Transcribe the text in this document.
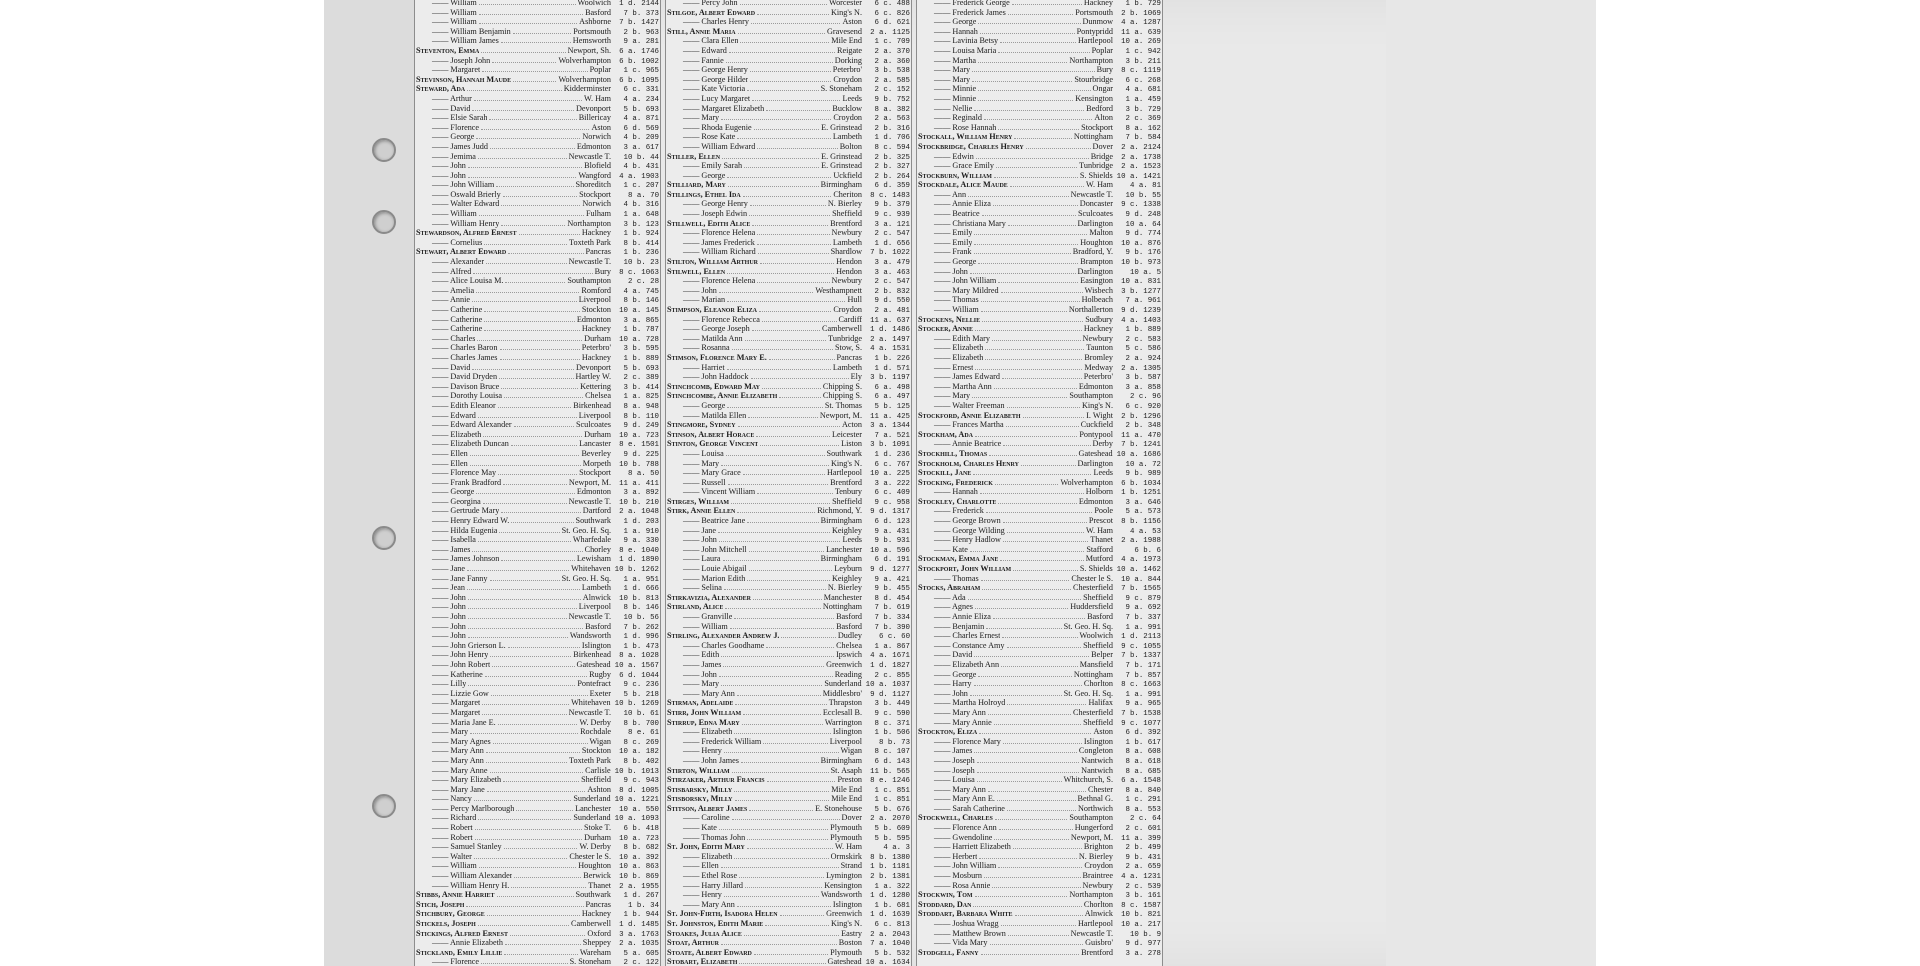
—— William	Woolwich	1 d. 2144
—— William	Basford	7 b. 373
—— William	Ashborne	7 b. 1427
—— William Benjamin	Portsmouth	2 b. 963
—— William James	Hemsworth	9 a. 281
Steventon, Emma	Newport, Sh.	6 a. 1746
—— Joseph John	Wolverhampton	6 b. 1002
—— Margaret	Poplar	1 c. 965
Stevinson, Hannah Maude	Wolverhampton	6 b. 1095
Steward, Ada	Kidderminster	6 c. 331
—— Arthur	W. Ham	4 a. 234
—— David	Devonport	5 b. 693
—— Elsie Sarah	Billericay	4 a. 871
—— Florence	Aston	6 d. 569
—— George	Norwich	4 b. 209
—— James Judd	Edmonton	3 a. 617
—— Jemima	Newcastle T.	10 b. 44
—— John	Blofield	4 b. 431
—— John	Wangford	4 a. 1903
—— John William	Shoreditch	1 c. 207
—— Oswald Brierly	Stockport	8 a. 70
—— Walter Edward	Norwich	4 b. 316
—— William	Fulham	1 a. 648
—— William Henry	Northampton	3 b. 123
Stewardson, Alfred Ernest	Hackney	1 b. 924
—— Cornelius	Toxteth Park	8 b. 414
Stewart, Albert Edward	Pancras	1 b. 236
—— Alexander	Newcastle T.	10 b. 23
—— Alfred	Bury	8 c. 1063
—— Alice Louisa M.	Southampton	2 c. 28
—— Amelia	Romford	4 a. 745
—— Annie	Liverpool	8 b. 146
—— Catherine	Stockton	10 a. 145
—— Catherine	Edmonton	3 a. 865
—— Catherine	Hackney	1 b. 787
—— Charles	Durham	10 a. 728
—— Charles Baron	Peterbro'	3 b. 595
—— Charles James	Hackney	1 b. 889
—— David	Devonport	5 b. 693
—— David Dryden	Hartley W.	2 c. 389
—— Davison Bruce	Kettering	3 b. 414
—— Dorothy Louisa	Chelsea	1 a. 825
—— Edith Eleanor	Birkenhead	8 a. 948
—— Edward	Liverpool	8 b. 110
—— Edward Alexander	Sculcoates	9 d. 249
—— Elizabeth	Durham	10 a. 723
—— Elizabeth Duncan	Lancaster	8 e. 1501
—— Ellen	Beverley	9 d. 225
—— Ellen	Morpeth	10 b. 788
—— Florence May	Stockport	8 a. 50
—— Frank Bradford	Newport, M.	11 a. 411
—— George	Edmonton	3 a. 892
—— Georgina	Newcastle T.	10 b. 210
—— Gertrude Mary	Dartford	2 a. 1048
—— Henry Edward W.	Southwark	1 d. 203
—— Hilda Eugenia	St. Geo. H. Sq.	1 a. 910
—— Isabella	Wharfedale	9 a. 330
—— James	Chorley	8 e. 1040
—— James Johnson	Lewisham	1 d. 1890
—— Jane	Whitehaven 10 b. 1262
—— Jane Fanny	St. Geo. H. Sq.	1 a. 951
—— Jean	Lambeth	1 d. 666
—— John	Alnwick	10 b. 813
—— John	Liverpool	8 b. 146
—— John	Newcastle T.	10 b. 56
—— John	Basford	7 b. 262
—— John	Wandsworth	1 d. 996
—— John Grierson L.	Islington	1 b. 473
—— John Henry	Birkenhead	8 a. 1028
—— John Robert	Gateshead 10 a. 1567
—— Katherine	Rugby	6 d. 1044
—— Lilly	Pontefract	9 c. 236
—— Lizzie Gow	Exeter	5 b. 218
—— Margaret	Whitehaven 10 b. 1269
—— Margaret	Newcastle T.	10 b. 61
—— Maria Jane E.	W. Derby	8 b. 700
—— Mary	Rochdale	8 e. 61
—— Mary Agnes	Wigan	8 c. 269
—— Mary Ann	Stockton	10 a. 182
—— Mary Ann	Toxteth Park	8 b. 402
—— Mary Anne	Carlisle 10 b. 1013
—— Mary Elizabeth	Sheffield	9 c. 943
—— Mary Jane	Ashton	8 d. 1005
—— Nancy	Sunderland 10 a. 1221
—— Percy Marlborough	Lanchester	10 a. 550
—— Richard	Sunderland 10 a. 1093
—— Robert	Stoke T.	6 b. 418
—— Robert	Durham	10 a. 723
—— Samuel Stanley	W. Derby	8 b. 682
—— Walter	Chester le S.	10 a. 392
—— William	Houghton	10 a. 863
—— William Alexander	Berwick	10 b. 869
—— William Henry H.	Thanet	2 a. 1955
Stibbs, Annie Harriet	Southwark	1 d. 267
Stich, Joseph	Pancras	1 b. 34
Stichbury, George	Hackney	1 b. 944
Stickels, Joseph	Camberwell	1 d. 1485
Stickings, Alfred Ernest	Oxford	3 a. 1763
—— Annie Elizabeth	Sheppey	2 a. 1035
Stickland, Emily Lillie	Wareham	5 a. 605
—— Florence	S. Stoneham	2 c. 122
—— Percy John	Worcester	6 c. 488
Stilgoe, Albert Edward	King's N.	6 c. 826
—— Charles Henry	Aston	6 d. 621
Still, Annie Maria	Gravesend	2 a. 1125
—— Clara Ellen	Mile End	1 c. 709
—— Edward	Reigate	2 a. 370
—— Fannie	Dorking	2 a. 360
—— George Henry	Peterbro'	3 b. 538
—— George Hilder	Croydon	2 a. 585
—— Kate Victoria	S. Stoneham	2 c. 152
—— Lucy Margaret	Leeds	9 b. 752
—— Margaret Elizabeth	Bucklow	8 a. 382
—— Mary	Croydon	2 a. 563
—— Rhoda Eugenie	E. Grinstead	2 b. 316
—— Rose Kate	Lambeth	1 d. 706
—— William Edward	Bolton	8 c. 594
Stiller, Ellen	E. Grinstead	2 b. 325
—— Emily Sarah	E. Grinstead	2 b. 327
—— George	Uckfield	2 b. 264
Stilliard, Mary	Birmingham	6 d. 359
Stillings, Ethel Ida	Cheriton	8 c. 1483
—— George Henry	N. Bierley	9 b. 379
—— Joseph Edwin	Sheffield	9 c. 939
Stillwell, Edith Alice	Brentford	3 a. 121
—— Florence Helena	Newbury	2 c. 547
—— James Frederick	Lambeth	1 d. 656
—— William Richard	Shardlow	7 b. 1022
Stilton, William Arthur	Hendon	3 a. 479
Stilwell, Ellen	Hendon	3 a. 463
—— Florence Helena	Newbury	2 c. 547
—— John	Westhampnett	2 b. 832
—— Marian	Hull	9 d. 550
Stimpson, Eleanor Eliza	Croydon	2 a. 481
—— Florence Rebecca	Cardiff	11 a. 637
—— George Joseph	Camberwell	1 d. 1486
—— Matilda Ann	Tunbridge	2 a. 1497
—— Rosanna	Stow, S.	4 a. 1531
Stimson, Florence Mary E.	Pancras	1 b. 226
—— Harriet	Lambeth	1 d. 571
—— John Haddock	Ely	3 b. 1197
Stinchcomb, Edward May	Chipping S.	6 a. 498
Stinchcombe, Annie Elizabeth	Chipping S.	6 a. 497
—— George	St. Thomas	5 b. 125
—— Matilda Ellen	Newport, M.	11 a. 425
Stingmore, Sydney	Acton	3 a. 1344
Stinson, Albert Horace	Leicester	7 a. 521
Stinton, George Vincent	Liston	3 b. 1091
—— Louisa	Southwark	1 d. 236
—— Mary	King's N.	6 c. 767
—— Mary Grace	Hartlepool	10 a. 225
—— Russell	Brentford	3 a. 222
—— Vincent William	Tenbury	6 c. 409
Stirges, William	Sheffield	9 c. 958
Stirk, Annie Ellen	Richmond, Y.	9 d. 1317
—— Beatrice Jane	Birmingham	6 d. 123
—— Jane	Keighley	9 a. 431
—— John	Leeds	9 b. 931
—— John Mitchell	Lanchester	10 a. 596
—— Laura	Birmingham	6 d. 191
—— Louie Abigail	Leyburn	9 d. 1277
—— Marion Edith	Keighley	9 a. 421
—— Selina	N. Bierley	9 b. 455
Stirkavizia, Alexander	Manchester	8 d. 454
Stirland, Alice	Nottingham	7 b. 619
—— Granville	Basford	7 b. 334
—— William	Basford	7 b. 390
Stirling, Alexander Andrew J.	Dudley	6 c. 60
—— Charles Goodhame	Chelsea	1 a. 867
—— Edith	Ipswich	4 a. 1671
—— James	Greenwich	1 d. 1827
—— John	Reading	2 c. 855
—— Mary	Sunderland 10 a. 1037
—— Mary Ann	Middlesbro'	9 d. 1127
Stirman, Adelaide	Thrapston	3 b. 449
Stirr, John William	Ecclesall B.	9 c. 590
Stirrup, Edna Mary	Warrington	8 c. 371
—— Elizabeth	Islington	1 b. 506
—— Frederick William	Liverpool	8 b. 73
—— Henry	Wigan	8 c. 107
—— John James	Birmingham	6 d. 143
Stirton, William	St. Asaph	11 b. 565
Stirzaker, Arthur Francis	Preston	8 e. 1246
Stisbarsky, Milly	Mile End	1 c. 851
Stisborsky, Milly	Mile End	1 c. 851
Stitson, Albert James	E. Stonehouse	5 b. 676
—— Caroline	Dover	2 a. 2070
—— Kate	Plymouth	5 b. 609
—— Thomas John	Plymouth	5 b. 595
St. John, Edith Mary	W. Ham	4 a. 3
—— Elizabeth	Ormskirk	8 b. 1380
—— Ellen	Strand	1 b. 1181
—— Ethel Rose	Lymington	2 b. 1381
—— Harry Jillard	Kensington	1 a. 322
—— Henry	Wandsworth	1 d. 1280
—— Mary Ann	Islington	1 b. 681
St. John-Firth, Isadora Helen	Greenwich	1 d. 1639
St. Johnston, Edith Marie	King's N.	6 c. 813
Stoakes, Julia Alice	Eastry	2 a. 2043
Stoat, Arthur	Boston	7 a. 1040
Stoate, Albert Edward	Plymouth	5 b. 532
Stobart, Elizabeth	Gateshead 10 a. 1634
—— Frederick George	Hackney	1 b. 729
—— Frederick James	Portsmouth	2 b. 1069
—— George	Dunmow	4 a. 1287
—— Hannah	Pontypridd	11 a. 639
—— Lavinia Betsy	Hartlepool	10 a. 269
—— Louisa Maria	Poplar	1 c. 942
—— Martha	Northampton	3 b. 211
—— Mary	Bury	8 c. 1119
—— Mary	Stourbridge	6 c. 268
—— Minnie	Ongar	4 a. 681
—— Minnie	Kensington	1 a. 459
—— Nellie	Bedford	3 b. 729
—— Reginald	Alton	2 c. 369
—— Rose Hannah	Stockport	8 a. 162
Stockall, William Henry	Nottingham	7 b. 584
Stockbridge, Charles Henry	Dover	2 a. 2124
—— Edwin	Bridge	2 a. 1738
—— Grace Emily	Tunbridge	2 a. 1523
Stockburn, William	S. Shields 10 a. 1421
Stockdale, Alice Maude	W. Ham	4 a. 81
—— Ann	Newcastle T.	10 b. 55
—— Annie Eliza	Doncaster	9 c. 1338
—— Beatrice	Sculcoates	9 d. 248
—— Christiana Mary	Darlington	10 a. 64
—— Emily	Malton	9 d. 774
—— Emily	Houghton	10 a. 876
—— Frank	Bradford, Y.	9 b. 176
—— George	Brampton	10 b. 973
—— John	Darlington	10 a. 5
—— John William	Easington	10 a. 831
—— Mary Mildred	Wisbech	3 b. 1277
—— Thomas	Holbeach	7 a. 961
—— William	Northallerton	9 d. 1239
Stockens, Nellie	Sudbury	4 a. 1403
Stocker, Annie	Hackney	1 b. 889
—— Edith Mary	Newbury	2 c. 583
—— Elizabeth	Taunton	5 c. 586
—— Elizabeth	Bromley	2 a. 924
—— Ernest	Medway	2 a. 1305
—— James Edward	Peterbro'	3 b. 587
—— Martha Ann	Edmonton	3 a. 858
—— Mary	Southampton	2 c. 96
—— Walter Freeman	King's N.	6 c. 920
Stockford, Annie Elizabeth	I. Wight	2 b. 1296
—— Frances Martha	Cuckfield	2 b. 348
Stockham, Ada	Pontypool	11 a. 470
—— Annie Beatrice	Derby	7 b. 1241
Stockhill, Thomas	Gateshead 10 a. 1686
Stockholm, Charles Henry	Darlington	10 a. 72
Stockill, Jane	Leeds	9 b. 989
Stocking, Frederick	Wolverhampton	6 b. 1034
—— Hannah	Holborn	1 b. 1251
Stockley, Charlotte	Edmonton	3 a. 646
—— Frederick	Poole	5 a. 573
—— George Brown	Prescot	8 b. 1156
—— George Wilding	W. Ham	4 a. 53
—— Henry Hadlow	Thanet	2 a. 1988
—— Kate	Stafford	6 b. 6
Stockman, Emma Jane	Mutford	4 a. 1973
Stockport, John William	S. Shields 10 a. 1462
—— Thomas	Chester le S.	10 a. 844
Stocks, Abraham	Chesterfield	7 b. 1565
—— Ada	Sheffield	9 c. 879
—— Agnes	Huddersfield	9 a. 692
—— Annie Eliza	Basford	7 b. 337
—— Benjamin	St. Geo. H. Sq.	1 a. 991
—— Charles Ernest	Woolwich	1 d. 2113
—— Constance Amy	Sheffield	9 c. 1055
—— David	Belper	7 b. 1337
—— Elizabeth Ann	Mansfield	7 b. 171
—— George	Nottingham	7 b. 857
—— Harry	Chorlton	8 c. 1663
—— John	St. Geo. H. Sq.	1 a. 991
—— Martha Holroyd	Halifax	9 a. 965
—— Mary Ann	Chesterfield	7 b. 1538
—— Mary Annie	Sheffield	9 c. 1077
Stockton, Eliza	Aston	6 d. 392
—— Florence Mary	Islington	1 b. 617
—— James	Congleton	8 a. 608
—— Joseph	Nantwich	8 a. 618
—— Joseph	Nantwich	8 a. 685
—— Louisa	Whitchurch, S.	6 a. 1548
—— Mary Ann	Chester	8 a. 840
—— Mary Ann E.	Bethnal G.	1 c. 291
—— Sarah Catherine	Northwich	8 a. 553
Stockwell, Charles	Southampton	2 c. 64
—— Florence Ann	Hungerford	2 c. 601
—— Gwendoline	Newport, M.	11 a. 399
—— Harriett Elizabeth	Brighton	2 b. 499
—— Herbert	N. Bierley	9 b. 431
—— John William	Croydon	2 a. 659
—— Mosburn	Braintree	4 a. 1231
—— Rosa Annie	Newbury	2 c. 539
Stockwin, Tom	Northampton	3 b. 161
Stoddard, Dan	Chorlton	8 c. 1587
Stoddart, Barbara White	Alnwick	10 b. 821
—— Joshua Wragg	Hartlepool	10 a. 217
—— Matthew Brown	Newcastle T.	10 b. 9
—— Vida Mary	Guisbro'	9 d. 977
Stodgell, Fanny	Brentford	3 a. 278
